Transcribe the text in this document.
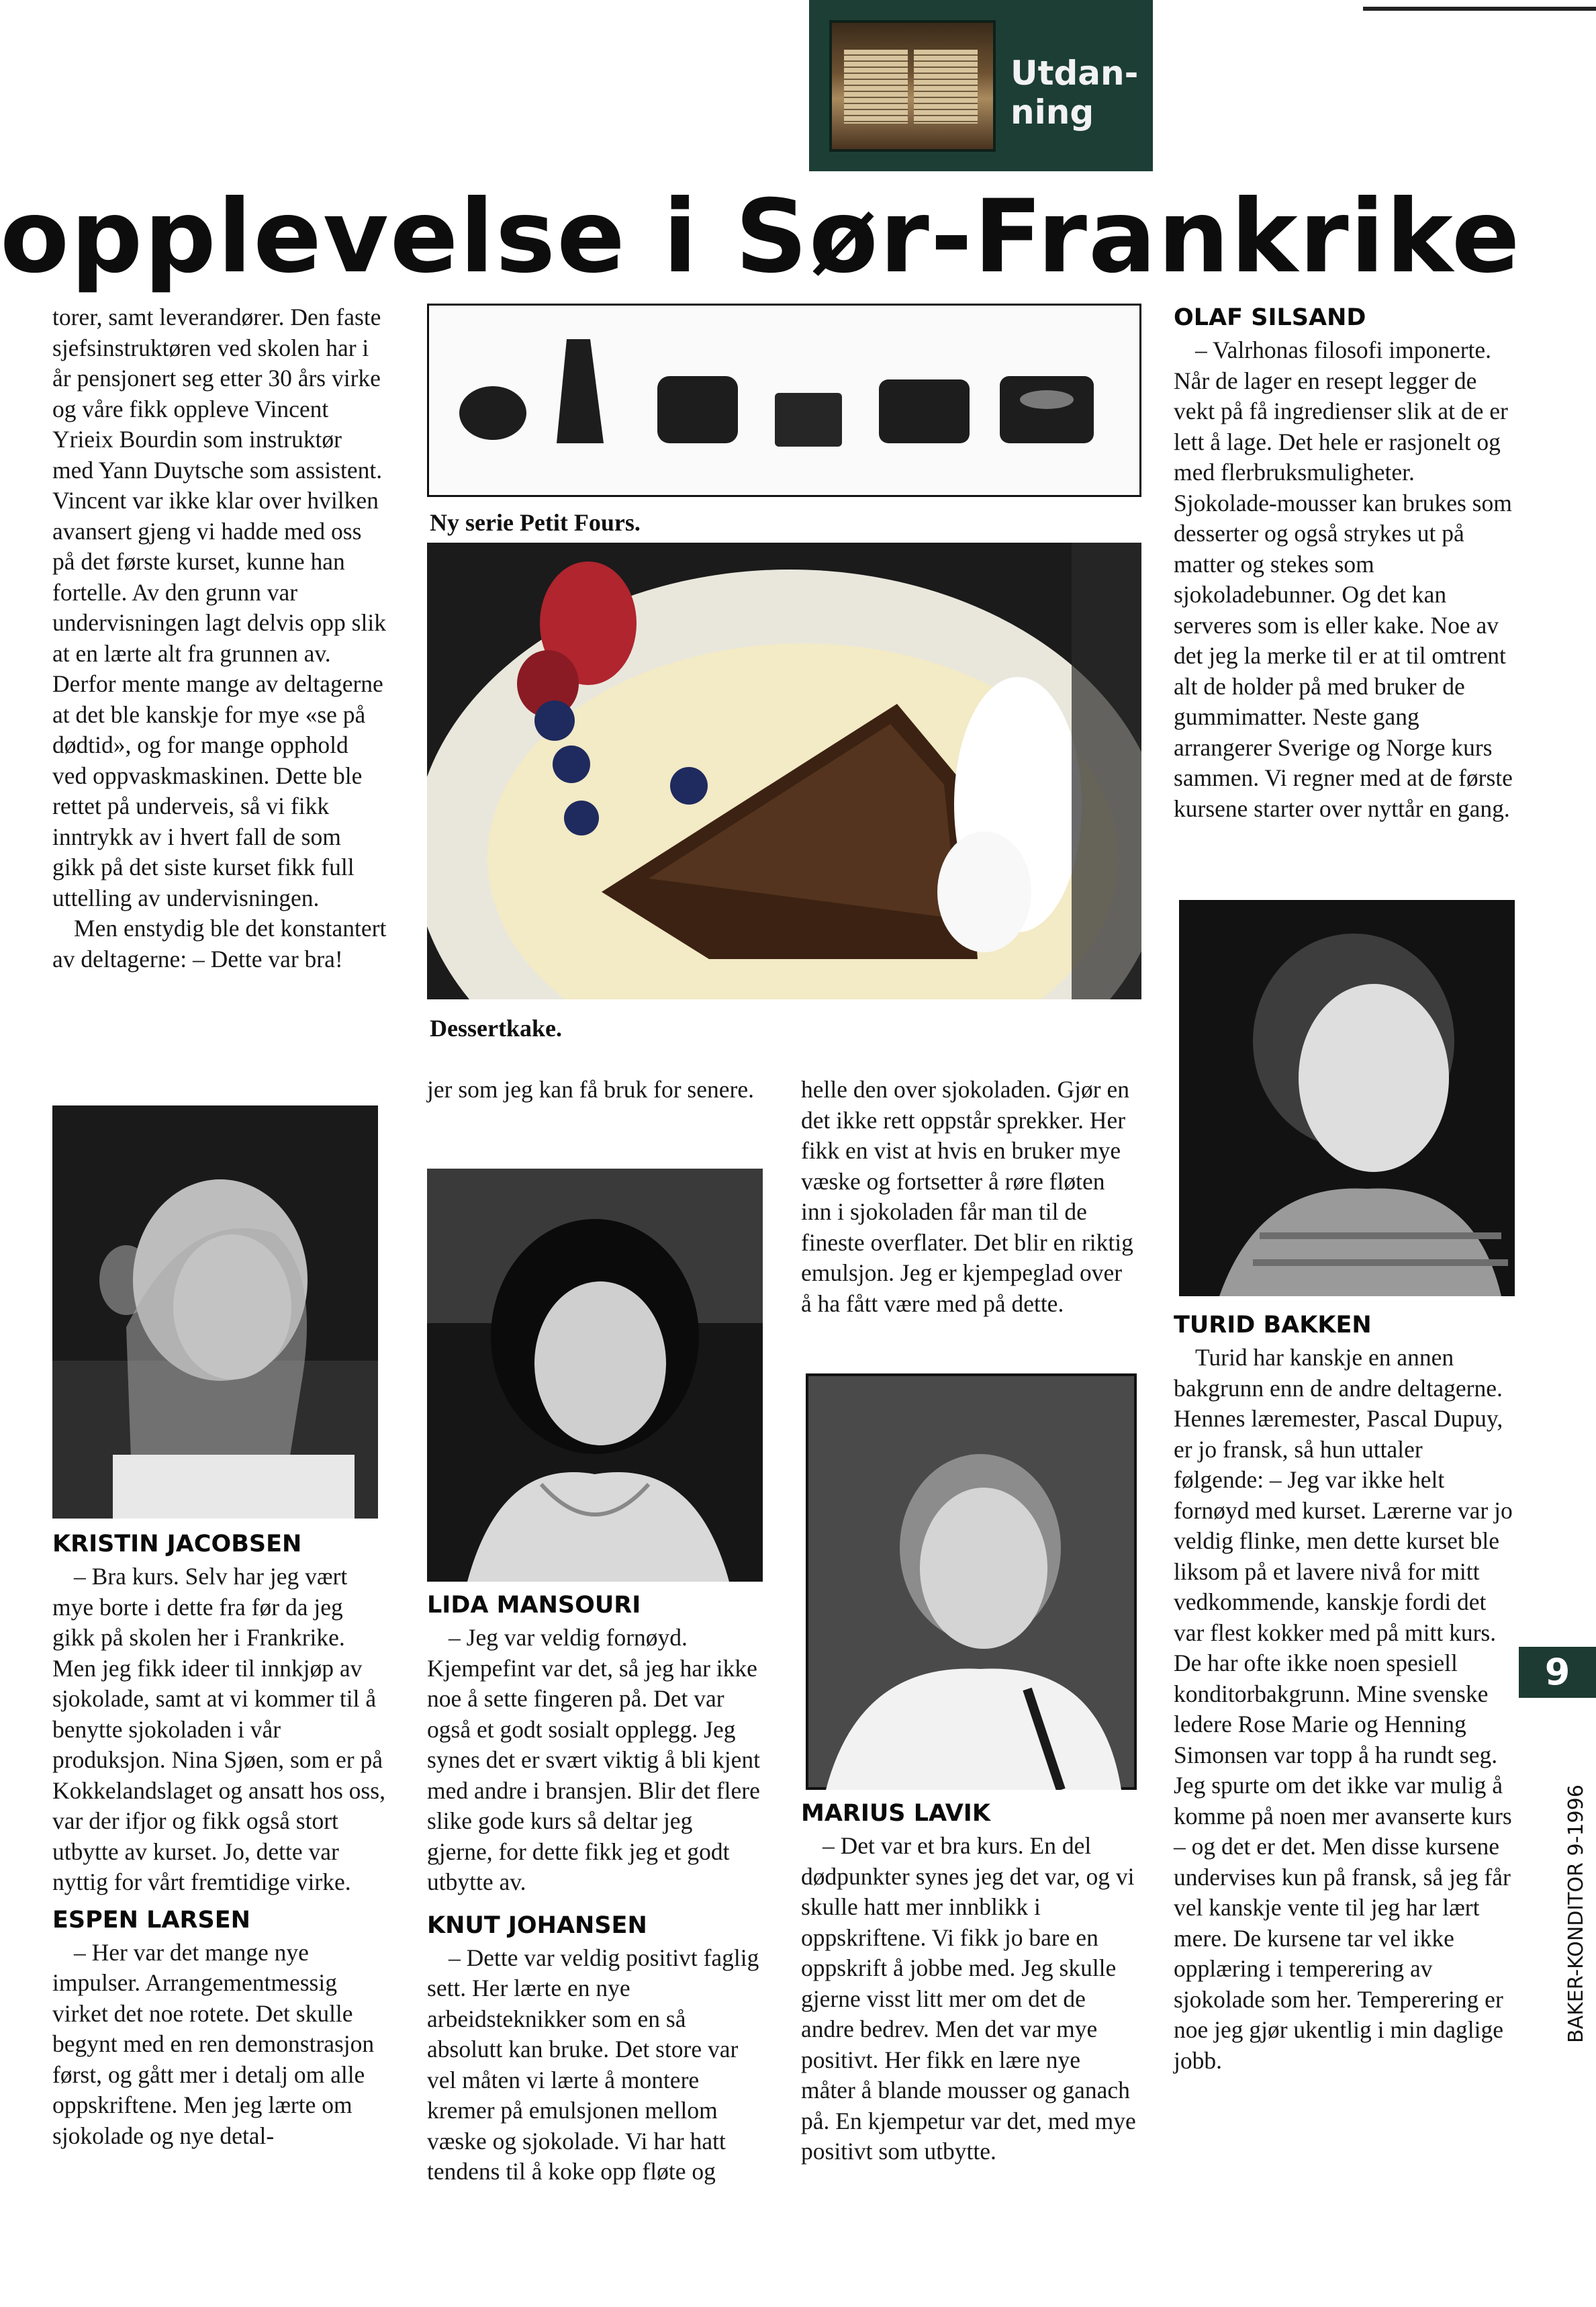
Utdan-
ning
opplevelse i Sør-Frankrike

torer, samt leverandører. Den faste sjefsinstruktøren ved skolen har i år pensjonert seg etter 30 års virke og våre fikk oppleve Vincent Yrieix Bourdin som instruktør med Yann Duytsche som assistent. Vincent var ikke klar over hvilken avansert gjeng vi hadde med oss på det første kurset, kunne han fortelle. Av den grunn var undervisningen lagt delvis opp slik at en lærte alt fra grunnen av. Derfor mente mange av deltagerne at det ble kanskje for mye «se på dødtid», og for mange opphold ved oppvaskmaskinen. Dette ble rettet på underveis, så vi fikk inntrykk av i hvert fall de som gikk på det siste kurset fikk full uttelling av undervisningen.

Men enstydig ble det konstantert av deltagerne: – Dette var bra!

KRISTIN JACOBSEN

– Bra kurs. Selv har jeg vært mye borte i dette fra før da jeg gikk på skolen her i Frankrike. Men jeg fikk ideer til innkjøp av sjokolade, samt at vi kommer til å benytte sjokoladen i vår produksjon. Nina Sjøen, som er på Kokkelandslaget og ansatt hos oss, var der ifjor og fikk også stort utbytte av kurset. Jo, dette var nyttig for vårt fremtidige virke.

ESPEN LARSEN

– Her var det mange nye impulser. Arrangementmessig virket det noe rotete. Det skulle begynt med en ren demonstrasjon først, og gått mer i detalj om alle oppskriftene. Men jeg lærte om sjokolade og nye detal-

Ny serie Petit Fours.
Dessertkake.

jer som jeg kan få bruk for senere.

LIDA MANSOURI

– Jeg var veldig fornøyd. Kjempefint var det, så jeg har ikke noe å sette fingeren på. Det var også et godt sosialt opplegg. Jeg synes det er svært viktig å bli kjent med andre i bransjen. Blir det flere slike gode kurs så deltar jeg gjerne, for dette fikk jeg et godt utbytte av.

KNUT JOHANSEN

– Dette var veldig positivt faglig sett. Her lærte en nye arbeidsteknikker som en så absolutt kan bruke. Det store var vel måten vi lærte å montere kremer på emulsjonen mellom væske og sjokolade. Vi har hatt tendens til å koke opp fløte og

helle den over sjokoladen. Gjør en det ikke rett oppstår sprekker. Her fikk en vist at hvis en bruker mye væske og fortsetter å røre fløten inn i sjokoladen får man til de fineste overflater. Det blir en riktig emulsjon. Jeg er kjempeglad over å ha fått være med på dette.

MARIUS LAVIK

– Det var et bra kurs. En del dødpunkter synes jeg det var, og vi skulle hatt mer innblikk i oppskriftene. Vi fikk jo bare en oppskrift å jobbe med. Jeg skulle gjerne visst litt mer om det de andre bedrev. Men det var mye positivt. Her fikk en lære nye måter å blande mousser og ganach på. En kjempetur var det, med mye positivt som utbytte.

OLAF SILSAND

– Valrhonas filosofi imponerte. Når de lager en resept legger de vekt på få ingredienser slik at de er lett å lage. Det hele er rasjonelt og med flerbruksmuligheter. Sjokolade-mousser kan brukes som desserter og også strykes ut på matter og stekes som sjokoladebunner. Og det kan serveres som is eller kake. Noe av det jeg la merke til er at til omtrent alt de holder på med bruker de gummimatter. Neste gang arrangerer Sverige og Norge kurs sammen. Vi regner med at de første kursene starter over nyttår en gang.

TURID BAKKEN

Turid har kanskje en annen bakgrunn enn de andre deltagerne. Hennes læremester, Pascal Dupuy, er jo fransk, så hun uttaler følgende: – Jeg var ikke helt fornøyd med kurset. Lærerne var jo veldig flinke, men dette kurset ble liksom på et lavere nivå for mitt vedkommende, kanskje fordi det var flest kokker med på mitt kurs. De har ofte ikke noen spesiell konditorbakgrunn. Mine svenske ledere Rose Marie og Henning Simonsen var topp å ha rundt seg. Jeg spurte om det ikke var mulig å komme på noen mer avanserte kurs – og det er det. Men disse kursene undervises kun på fransk, så jeg får vel kanskje vente til jeg har lært mere. De kursene tar vel ikke opplæring i temperering av sjokolade som her. Temperering er noe jeg gjør ukentlig i min daglige jobb.

9
BAKER-KONDITOR 9-1996
